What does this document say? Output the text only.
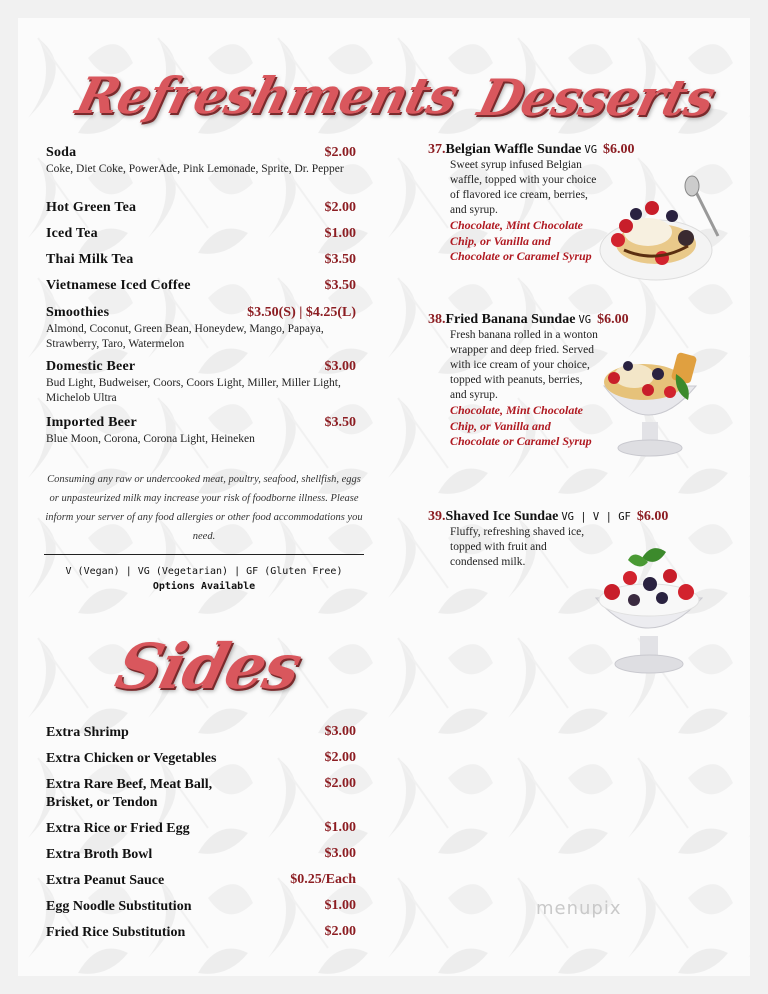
Refreshments
Soda	$2.00
Coke, Diet Coke, PowerAde, Pink Lemonade, Sprite, Dr. Pepper
Hot Green Tea	$2.00
Iced Tea	$1.00
Thai Milk Tea	$3.50
Vietnamese Iced Coffee	$3.50
Smoothies	$3.50(S) | $4.25(L)
Almond, Coconut, Green Bean, Honeydew, Mango, Papaya, Strawberry, Taro, Watermelon
Domestic Beer	$3.00
Bud Light, Budweiser, Coors, Coors Light, Miller, Miller Light, Michelob Ultra
Imported Beer	$3.50
Blue Moon, Corona, Corona Light, Heineken
Consuming any raw or undercooked meat, poultry, seafood, shellfish, eggs or unpasteurized milk may increase your risk of foodborne illness. Please inform your server of any food allergies or other food accommodations you need.
V (Vegan) | VG (Vegetarian) | GF (Gluten Free)
Options Available
Sides
Extra Shrimp	$3.00
Extra Chicken or Vegetables	$2.00
Extra Rare Beef, Meat Ball, Brisket, or Tendon
$2.00
Extra Rice or Fried Egg	$1.00
Extra Broth Bowl	$3.00
Extra Peanut Sauce	$0.25/Each
Egg Noodle Substitution	$1.00
Fried Rice Substitution	$2.00
Desserts
37.Belgian Waffle Sundae VG $6.00
Sweet syrup infused Belgian waffle, topped with your choice of flavored ice cream, berries, and syrup.
Chocolate, Mint Chocolate Chip, or Vanilla and Chocolate or Caramel Syrup
38.Fried Banana Sundae VG $6.00
Fresh banana rolled in a wonton wrapper and deep fried. Served with ice cream of your choice, topped with peanuts, berries, and syrup.
Chocolate, Mint Chocolate Chip, or Vanilla and Chocolate or Caramel Syrup
39.Shaved Ice Sundae VG | V | GF $6.00
Fluffy, refreshing shaved ice, topped with fruit and condensed milk.
menupix
